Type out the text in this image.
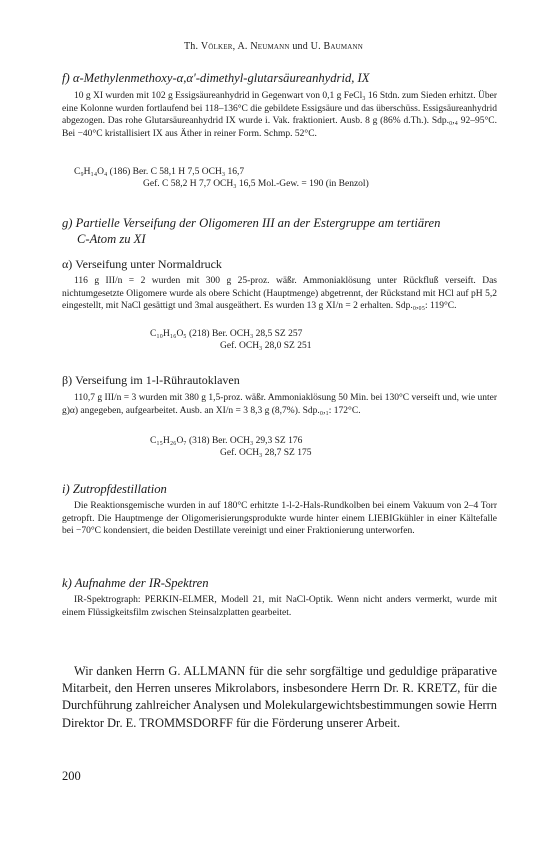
Th. Völker, A. Neumann und U. Baumann

f) α-Methylenmethoxy-α,α'-dimethyl-glutarsäureanhydrid, IX

10 g XI wurden mit 102 g Essigsäureanhydrid in Gegenwart von 0,1 g FeCl₃ 16 Stdn. zum Sieden erhitzt. Über eine Kolonne wurden fortlaufend bei 118–136°C die gebildete Essigsäure und das überschüss. Essigsäureanhydrid abgezogen. Das rohe Glutarsäureanhydrid IX wurde i. Vak. fraktioniert. Ausb. 8 g (86% d.Th.). Sdp.₀,₄ 92–95°C. Bei −40°C kristallisiert IX aus Äther in reiner Form. Schmp. 52°C.

C₉H₁₄O₄ (186) Ber. C 58,1 H 7,5 OCH₃ 16,7
Gef. C 58,2 H 7,7 OCH₃ 16,5 Mol.-Gew. = 190 (in Benzol)

g) Partielle Verseifung der Oligomeren III an der Estergruppe am tertiären

C-Atom zu XI

α) Verseifung unter Normaldruck

116 g III/n = 2 wurden mit 300 g 25-proz. wäßr. Ammoniaklösung unter Rückfluß verseift. Das nichtumgesetzte Oligomere wurde als obere Schicht (Hauptmenge) abgetrennt, der Rückstand mit HCl auf pH 5,2 eingestellt, mit NaCl gesättigt und 3mal ausgeäthert. Es wurden 13 g XI/n = 2 erhalten. Sdp.₀,₀₅: 119°C.

C₁₀H₁₆O₅ (218) Ber. OCH₃ 28,5 SZ 257
Gef. OCH₃ 28,0 SZ 251

β) Verseifung im 1-l-Rührautoklaven

110,7 g III/n = 3 wurden mit 380 g 1,5-proz. wäßr. Ammoniaklösung 50 Min. bei 130°C verseift und, wie unter g)α) angegeben, aufgearbeitet. Ausb. an XI/n = 3 8,3 g (8,7%). Sdp.₀,₁: 172°C.

C₁₅H₂₆O₇ (318) Ber. OCH₃ 29,3 SZ 176
Gef. OCH₃ 28,7 SZ 175

i) Zutropfdestillation

Die Reaktionsgemische wurden in auf 180°C erhitzte 1-l-2-Hals-Rundkolben bei einem Vakuum von 2–4 Torr getropft. Die Hauptmenge der Oligomerisierungsprodukte wurde hinter einem LIEBIGkühler in einer Kältefalle bei −70°C kondensiert, die beiden Destillate vereinigt und einer Fraktionierung unterworfen.

k) Aufnahme der IR-Spektren

IR-Spektrograph: PERKIN-ELMER, Modell 21, mit NaCl-Optik. Wenn nicht anders vermerkt, wurde mit einem Flüssigkeitsfilm zwischen Steinsalzplatten gearbeitet.

Wir danken Herrn G. ALLMANN für die sehr sorgfältige und geduldige präparative Mitarbeit, den Herren unseres Mikrolabors, insbesondere Herrn Dr. R. KRETZ, für die Durchführung zahlreicher Analysen und Molekulargewichtsbestimmungen sowie Herrn Direktor Dr. E. TROMMSDORFF für die Förderung unserer Arbeit.

200
